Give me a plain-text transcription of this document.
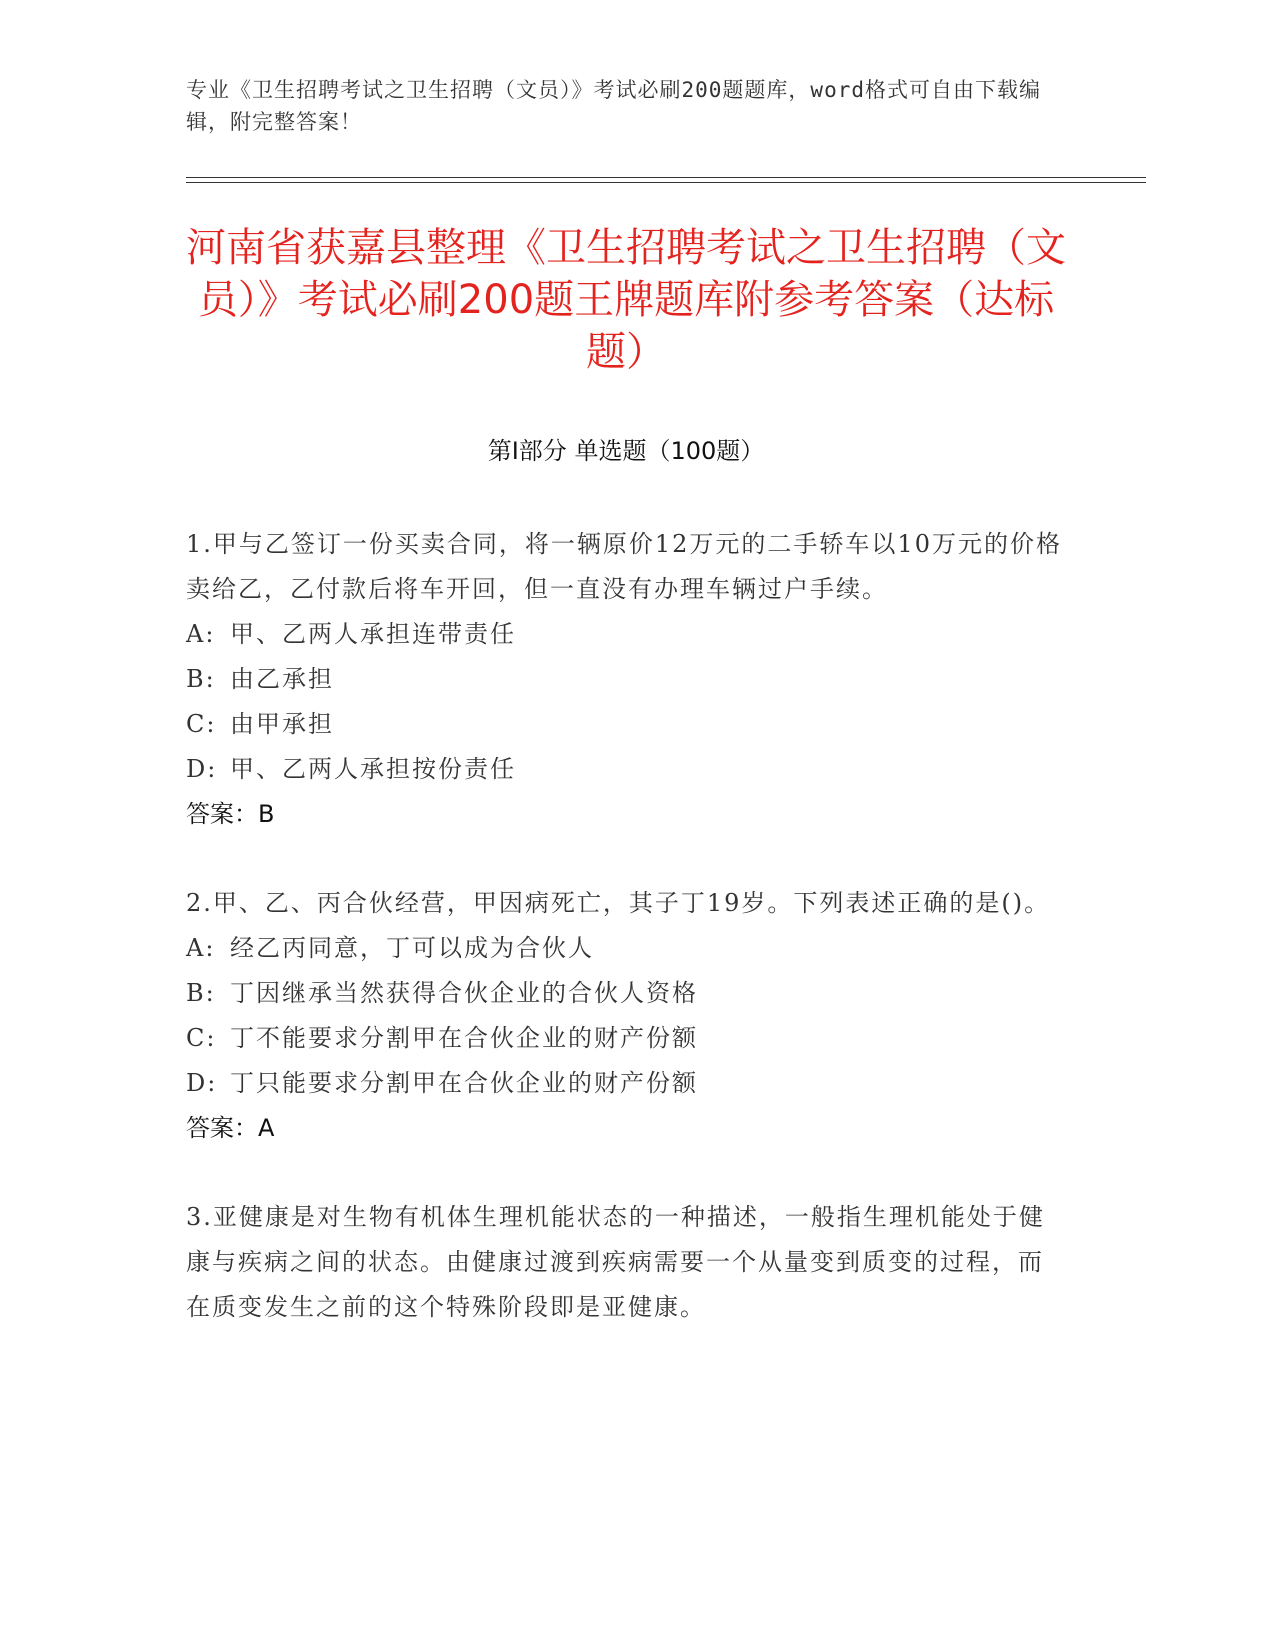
专业《卫生招聘考试之卫生招聘（文员）》考试必刷200题题库，word格式可自由下载编辑，附完整答案！
河南省获嘉县整理《卫生招聘考试之卫生招聘（文员）》考试必刷200题王牌题库附参考答案（达标题）
第Ⅰ部分 单选题（100题）
1.甲与乙签订一份买卖合同，将一辆原价12万元的二手轿车以10万元的价格卖给乙，乙付款后将车开回，但一直没有办理车辆过户手续。
A: 甲、乙两人承担连带责任
B: 由乙承担
C: 由甲承担
D: 甲、乙两人承担按份责任
答案：B
2.甲、乙、丙合伙经营，甲因病死亡，其子丁19岁。下列表述正确的是()。
A: 经乙丙同意，丁可以成为合伙人
B: 丁因继承当然获得合伙企业的合伙人资格
C: 丁不能要求分割甲在合伙企业的财产份额
D: 丁只能要求分割甲在合伙企业的财产份额
答案：A
3.亚健康是对生物有机体生理机能状态的一种描述，一般指生理机能处于健康与疾病之间的状态。由健康过渡到疾病需要一个从量变到质变的过程，而在质变发生之前的这个特殊阶段即是亚健康。
